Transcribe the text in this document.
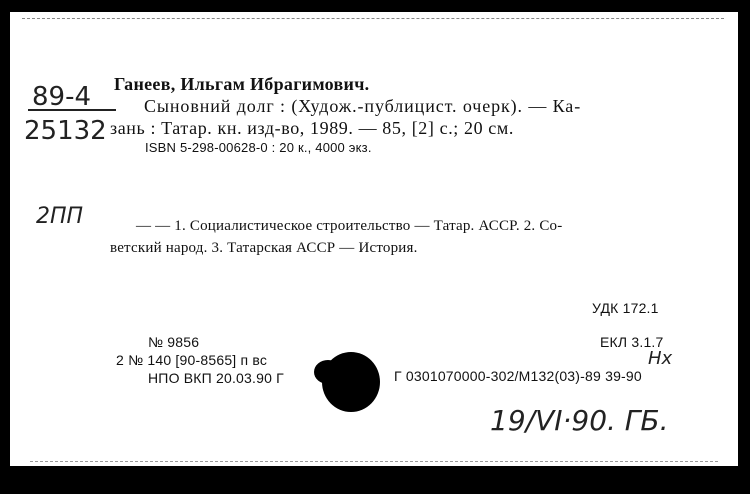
89-4
25132
Ганеев, Ильгам Ибрагимович.
Сыновний долг : (Худож.-публицист. очерк). — Ка-
зань : Татар. кн. изд-во, 1989. — 85, [2] с.; 20 см.
ISBN 5-298-00628-0 : 20 к., 4000 экз.
2ПП	— — 1. Социалистическое строительство — Татар. АССР. 2. Со-
ветский народ. 3. Татарская АССР — История.
УДК 172.1
№ 9856	ЕКЛ 3.1.7
Нх
2 № 140 [90-8565] п вс
НПО ВКП 20.03.90 Г	Г 0301070000-302/М132(03)-89 39-90
19/VI·90. ГБ.
